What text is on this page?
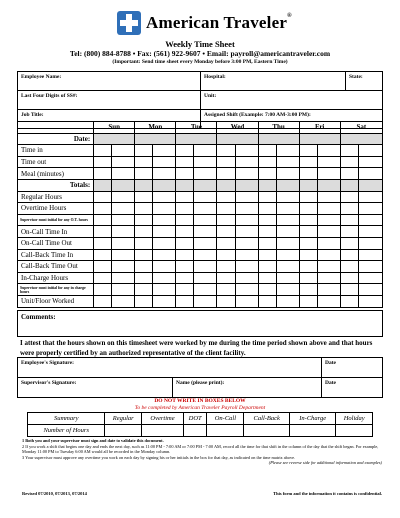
American Traveler®
Weekly Time Sheet
Tel: (800) 884-8788 • Fax: (561) 922-9607 • Email: payroll@americantraveler.com
(Important: Send time sheet every Monday before 3:00 PM, Eastern Time)
Employee Name:	Hospital:	State:
Last Four Digits of SS#:	Unit:	
Job Title:	Assigned Shift (Example: 7:00 AM-3:00 PM):	
	Sun		Mon		Tue		Wed		Thu		Fri		Sat	
Date:														
Time in														
Time out														
Meal (minutes)														
Totals:														
Regular Hours														
Overtime Hours														
Supervisor must initial for any O.T. hours														
On-Call Time In														
On-Call Time Out														
Call-Back Time In														
Call-Back Time Out														
In-Charge Hours														
Supervisor must initial for any in charge hours														
Unit/Floor Worked														
Comments:
I attest that the hours shown on this timesheet were worked by me during the time period shown above and that hours were properly certified by an authorized representative of the client facility.
Employee's Signature:		Date
Supervisor's Signature:	Name (please print):	Date
DO NOT WRITE IN BOXES BELOW
To be completed by American Traveler Payroll Department
Summary	Regular	Overtime	DOT	On-Call	Call-Back	In-Charge	Holiday
Number of Hours							
1 Both you and your supervisor must sign and date to validate this document.
2 If you work a shift that begins one day and ends the next day, such as 11:00 PM - 7:00 AM or 7:00 PM - 7:00 AM, record all the time for that shift in the column of the day that the shift began. For example, Monday 11:00 PM to Tuesday 6:00 AM would all be recorded in the Monday column.
3 Your supervisor must approve any overtime you work on each day by signing his or her initials in the box for that day, as indicated on the time matrix above.
(Please see reverse side for additional information and examples)
Revised 07/2010, 07/2013, 07/2014	This form and the information it contains is confidential.
